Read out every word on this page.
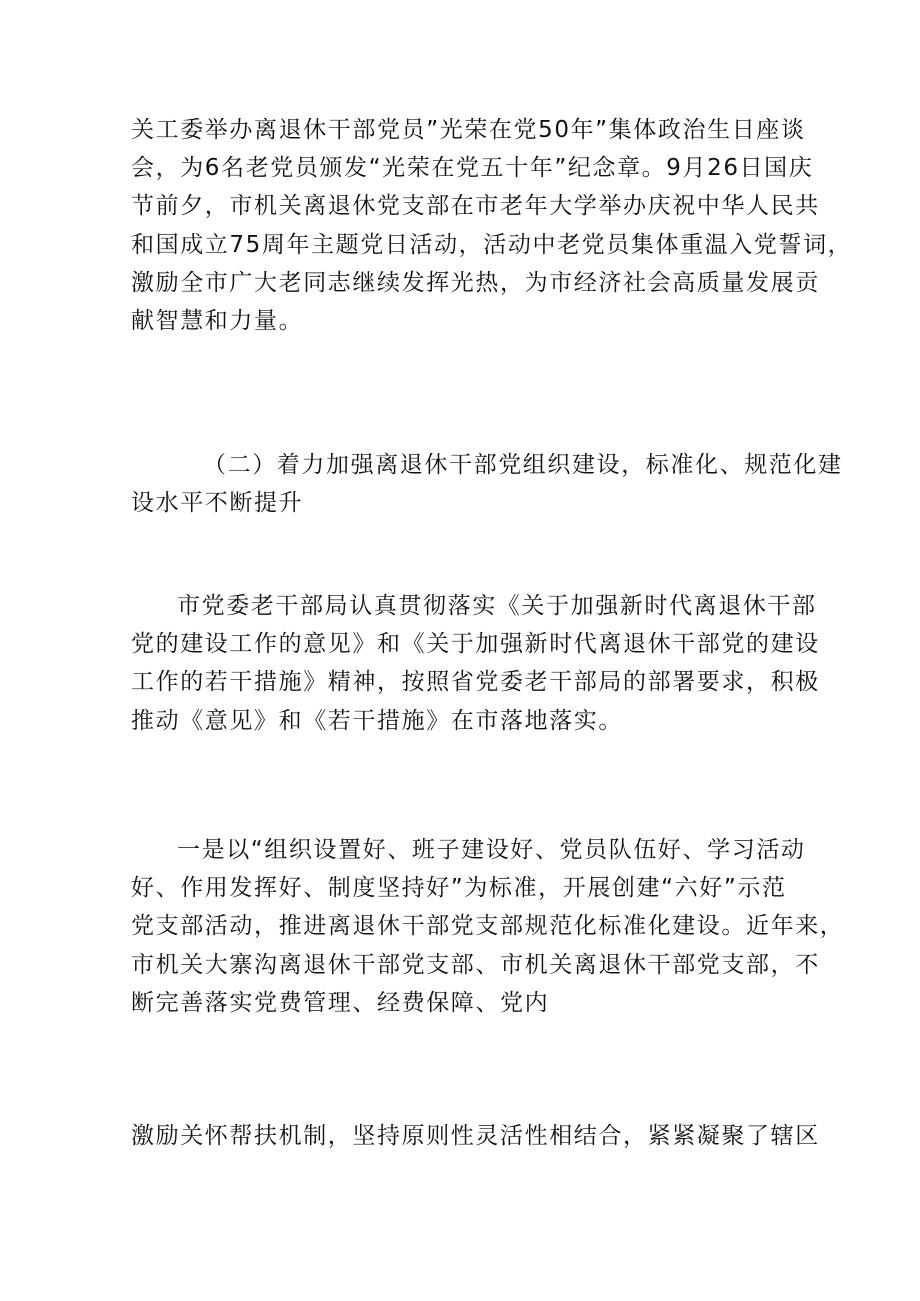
关工委举办离退休干部党员”光荣在党50年”集体政治生日座谈
会，为6名老党员颁发“光荣在党五十年”纪念章。9月26日国庆
节前夕，市机关离退休党支部在市老年大学举办庆祝中华人民共
和国成立75周年主题党日活动，活动中老党员集体重温入党誓词，
激励全市广大老同志继续发挥光热，为市经济社会高质量发展贡
献智慧和力量。
（二）着力加强离退休干部党组织建设，标准化、规范化建
设水平不断提升
市党委老干部局认真贯彻落实《关于加强新时代离退休干部
党的建设工作的意见》和《关于加强新时代离退休干部党的建设
工作的若干措施》精神，按照省党委老干部局的部署要求，积极
推动《意见》和《若干措施》在市落地落实。
一是以“组织设置好、班子建设好、党员队伍好、学习活动
好、作用发挥好、制度坚持好”为标准，开展创建“六好”示范
党支部活动，推进离退休干部党支部规范化标准化建设。近年来，
市机关大寨沟离退休干部党支部、市机关离退休干部党支部，不
断完善落实党费管理、经费保障、党内
激励关怀帮扶机制，坚持原则性灵活性相结合，紧紧凝聚了辖区
